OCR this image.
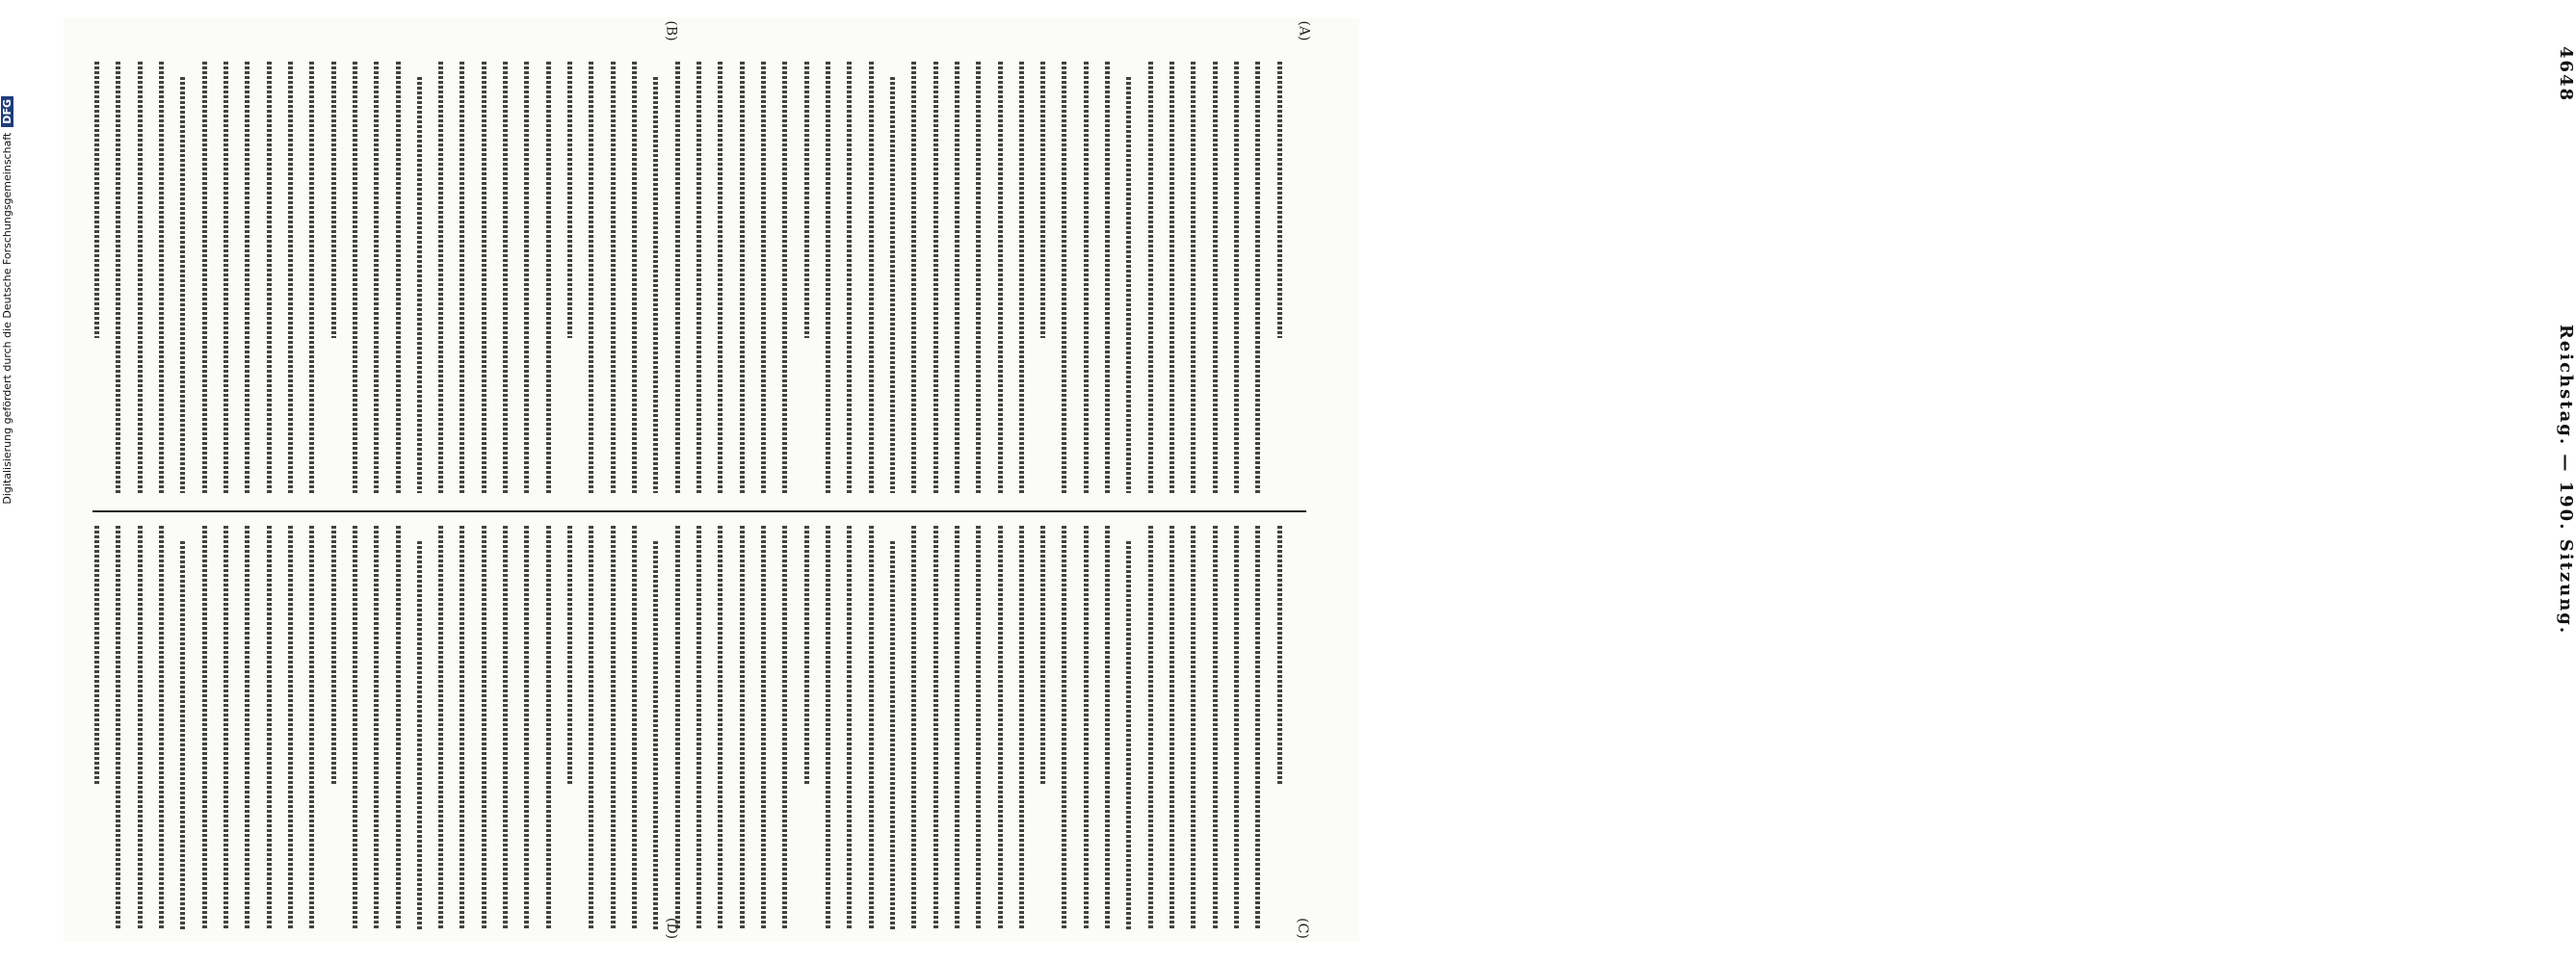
4648
Reichstag. — 190. Sitzung.
(A)
(B)
(C)
(D)
Digitalisierung gefördert durch die Deutsche ForschungsgemeinschaftDFG
